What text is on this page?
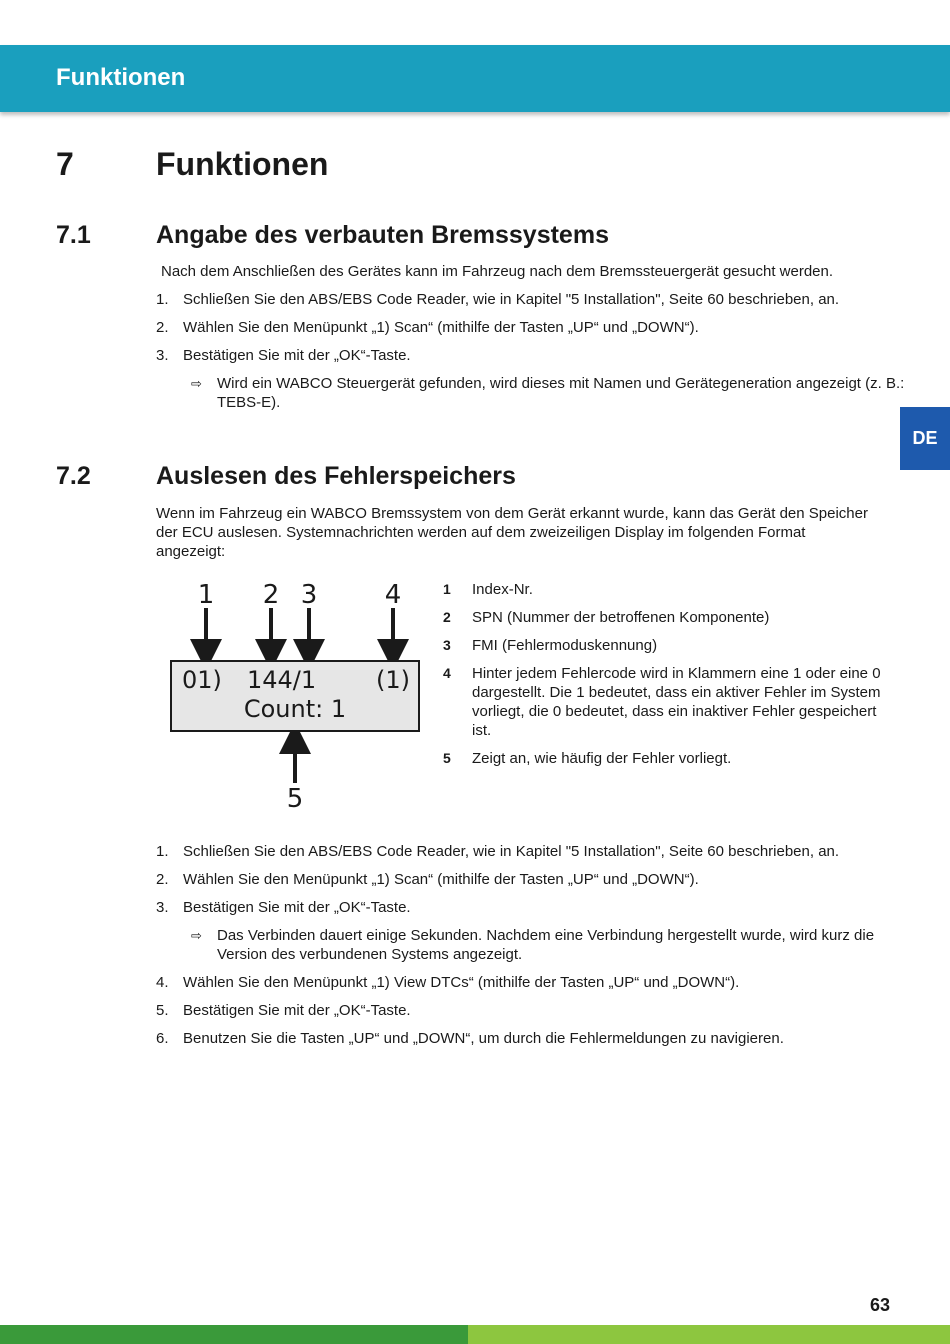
Funktionen
DE
7	Funktionen
7.1	Angabe des verbauten Bremssystems

Nach dem Anschließen des Gerätes kann im Fahrzeug nach dem Bremssteuergerät gesucht werden.

1. Schließen Sie den ABS/EBS Code Reader, wie in Kapitel "5 Installation", Seite 60 beschrieben, an.
2. Wählen Sie den Menüpunkt „1) Scan“ (mithilfe der Tasten „UP“ und „DOWN“).
3. Bestätigen Sie mit der „OK“-Taste.
⇨ Wird ein WABCO Steuergerät gefunden, wird dieses mit Namen und Gerätegeneration angezeigt (z. B.: TEBS-E).
7.2	Auslesen des Fehlerspeichers

Wenn im Fahrzeug ein WABCO Bremssystem von dem Gerät erkannt wurde, kann das Gerät den Speicher der ECU auslesen. Systemnachrichten werden auf dem zweizeiligen Display im folgenden Format angezeigt:

1 2 3	4
5
01) 144/1 (1)
Count: 1
1 Index-Nr.
2 SPN (Nummer der betroffenen Komponente)
3 FMI (Fehlermoduskennung)
4 Hinter jedem Fehlercode wird in Klammern eine 1 oder eine 0 dargestellt. Die 1 bedeutet, dass ein aktiver Fehler im System vorliegt, die 0 bedeutet, dass ein inaktiver Fehler gespeichert ist.
5 Zeigt an, wie häufig der Fehler vorliegt.
1. Schließen Sie den ABS/EBS Code Reader, wie in Kapitel "5 Installation", Seite 60 beschrieben, an.
2. Wählen Sie den Menüpunkt „1) Scan“ (mithilfe der Tasten „UP“ und „DOWN“).
3. Bestätigen Sie mit der „OK“-Taste.
⇨ Das Verbinden dauert einige Sekunden. Nachdem eine Verbindung hergestellt wurde, wird kurz die Version des verbundenen Systems angezeigt.
4. Wählen Sie den Menüpunkt „1) View DTCs“ (mithilfe der Tasten „UP“ und „DOWN“).
5. Bestätigen Sie mit der „OK“-Taste.
6. Benutzen Sie die Tasten „UP“ und „DOWN“, um durch die Fehlermeldungen zu navigieren.
63
